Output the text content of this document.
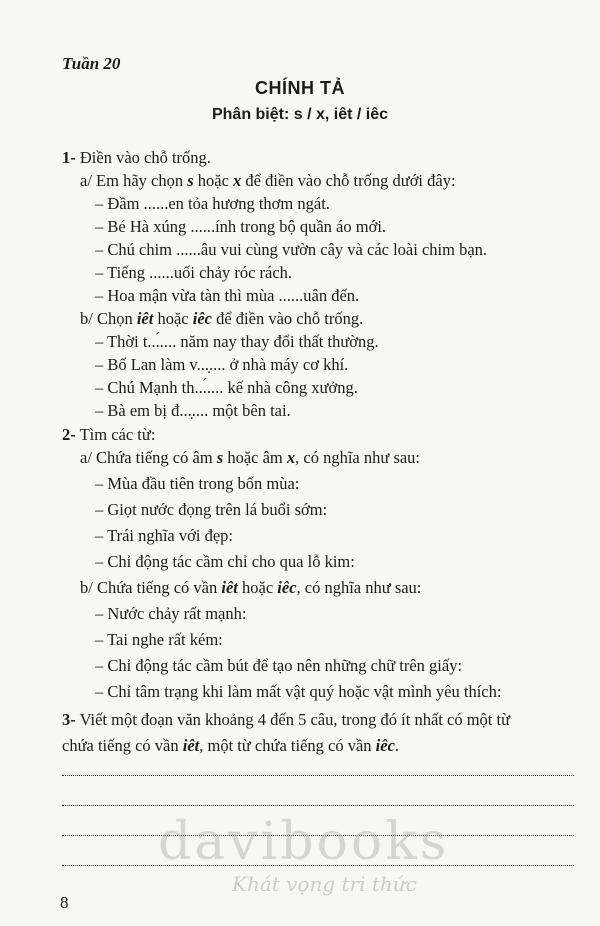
Tuần 20
CHÍNH TẢ
Phân biệt: s / x, iêt / iêc
1- Điền vào chỗ trống.
a/ Em hãy chọn s hoặc x để điền vào chỗ trống dưới đây:
– Đầm ......en tỏa hương thơm ngát.
– Bé Hà xúng ......ính trong bộ quần áo mới.
– Chú chim ......âu vui cùng vườn cây và các loài chim bạn.
– Tiếng ......uối chảy róc rách.
– Hoa mận vừa tàn thì mùa ......uân đến.
b/ Chọn iêt hoặc iêc để điền vào chỗ trống.
– Thời t...́.... năm nay thay đổi thất thường.
– Bố Lan làm v...̣.... ở nhà máy cơ khí.
– Chú Mạnh th...́.... kế nhà công xưởng.
– Bà em bị đ...̣.... một bên tai.
2- Tìm các từ:
a/ Chứa tiếng có âm s hoặc âm x, có nghĩa như sau:
– Mùa đầu tiên trong bốn mùa:
– Giọt nước đọng trên lá buổi sớm:
– Trái nghĩa với đẹp:
– Chỉ động tác cầm chỉ cho qua lỗ kim:
b/ Chứa tiếng có vần iêt hoặc iêc, có nghĩa như sau:
– Nước chảy rất mạnh:
– Tai nghe rất kém:
– Chỉ động tác cầm bút để tạo nên những chữ trên giấy:
– Chỉ tâm trạng khi làm mất vật quý hoặc vật mình yêu thích:
3- Viết một đoạn văn khoảng 4 đến 5 câu, trong đó ít nhất có một từ
chứa tiếng có vần iêt, một từ chứa tiếng có vần iêc.
davibooks
Khát vọng tri thức
8
